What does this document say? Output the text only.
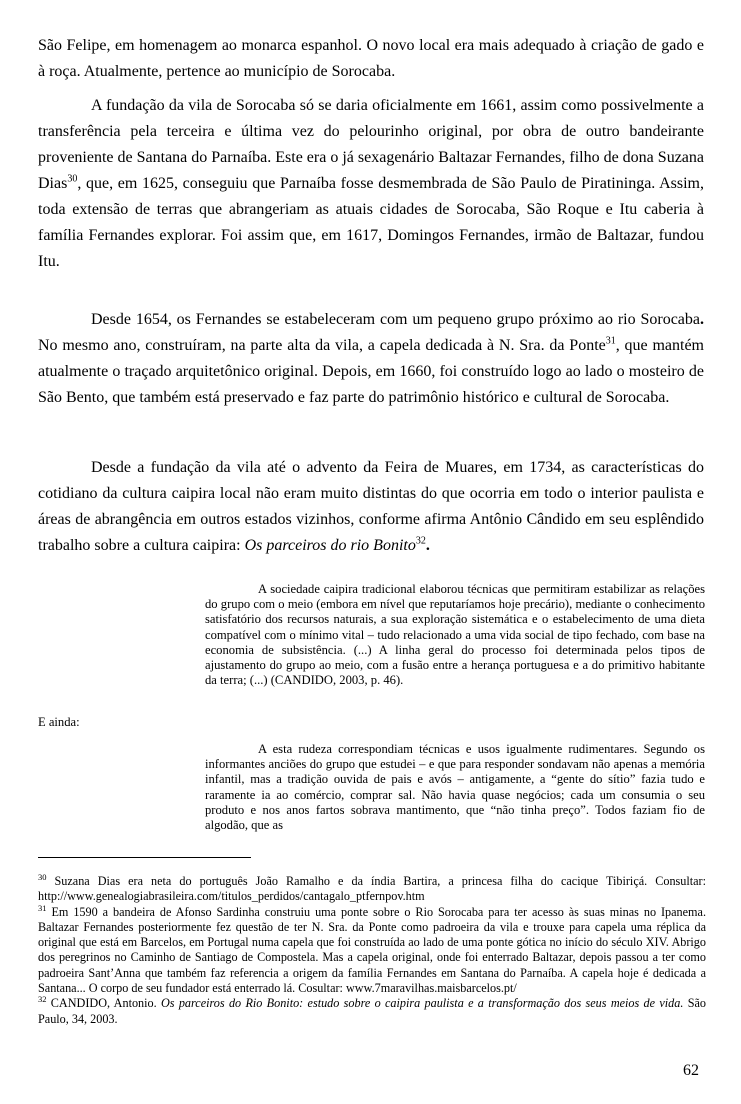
São Felipe, em homenagem ao monarca espanhol. O novo local era mais adequado à criação de gado e à roça. Atualmente, pertence ao município de Sorocaba.

A fundação da vila de Sorocaba só se daria oficialmente em 1661, assim como possivelmente a transferência pela terceira e última vez do pelourinho original, por obra de outro bandeirante proveniente de Santana do Parnaíba. Este era o já sexagenário Baltazar Fernandes, filho de dona Suzana Dias$^{30}$, que, em 1625, conseguiu que Parnaíba fosse desmembrada de São Paulo de Piratininga. Assim, toda extensão de terras que abrangeriam as atuais cidades de Sorocaba, São Roque e Itu caberia à família Fernandes explorar. Foi assim que, em 1617, Domingos Fernandes, irmão de Baltazar, fundou Itu.

Desde 1654, os Fernandes se estabeleceram com um pequeno grupo próximo ao rio Sorocaba. No mesmo ano, construíram, na parte alta da vila, a capela dedicada à N. Sra. da Ponte$^{31}$, que mantém atualmente o traçado arquitetônico original. Depois, em 1660, foi construído logo ao lado o mosteiro de São Bento, que também está preservado e faz parte do patrimônio histórico e cultural de Sorocaba.

Desde a fundação da vila até o advento da Feira de Muares, em 1734, as características do cotidiano da cultura caipira local não eram muito distintas do que ocorria em todo o interior paulista e áreas de abrangência em outros estados vizinhos, conforme afirma Antônio Cândido em seu esplêndido trabalho sobre a cultura caipira: Os parceiros do rio Bonito$^{32}$.

A sociedade caipira tradicional elaborou técnicas que permitiram estabilizar as relações do grupo com o meio (embora em nível que reputaríamos hoje precário), mediante o conhecimento satisfatório dos recursos naturais, a sua exploração sistemática e o estabelecimento de uma dieta compatível com o mínimo vital – tudo relacionado a uma vida social de tipo fechado, com base na economia de subsistência. (...) A linha geral do processo foi determinada pelos tipos de ajustamento do grupo ao meio, com a fusão entre a herança portuguesa e a do primitivo habitante da terra; (...) (CANDIDO, 2003, p. 46).

E ainda:

A esta rudeza correspondiam técnicas e usos igualmente rudimentares. Segundo os informantes anciões do grupo que estudei – e que para responder sondavam não apenas a memória infantil, mas a tradição ouvida de pais e avós – antigamente, a “gente do sítio” fazia tudo e raramente ia ao comércio, comprar sal. Não havia quase negócios; cada um consumia o seu produto e nos anos fartos sobrava mantimento, que “não tinha preço”. Todos faziam fio de algodão, que as

$^{30}$ Suzana Dias era neta do português João Ramalho e da índia Bartira, a princesa filha do cacique Tibiriçá. Consultar: http://www.genealogiabrasileira.com/titulos_perdidos/cantagalo_ptfernpov.htm

$^{31}$ Em 1590 a bandeira de Afonso Sardinha construiu uma ponte sobre o Rio Sorocaba para ter acesso às suas minas no Ipanema. Baltazar Fernandes posteriormente fez questão de ter N. Sra. da Ponte como padroeira da vila e trouxe para capela uma réplica da original que está em Barcelos, em Portugal numa capela que foi construída ao lado de uma ponte gótica no início do século XIV. Abrigo dos peregrinos no Caminho de Santiago de Compostela. Mas a capela original, onde foi enterrado Baltazar, depois passou a ter como padroeira Sant’Anna que também faz referencia a origem da família Fernandes em Santana do Parnaíba. A capela hoje é dedicada a Santana... O corpo de seu fundador está enterrado lá. Cosultar: www.7maravilhas.maisbarcelos.pt/

$^{32}$ CANDIDO, Antonio. Os parceiros do Rio Bonito: estudo sobre o caipira paulista e a transformação dos seus meios de vida. São Paulo, 34, 2003.

62
